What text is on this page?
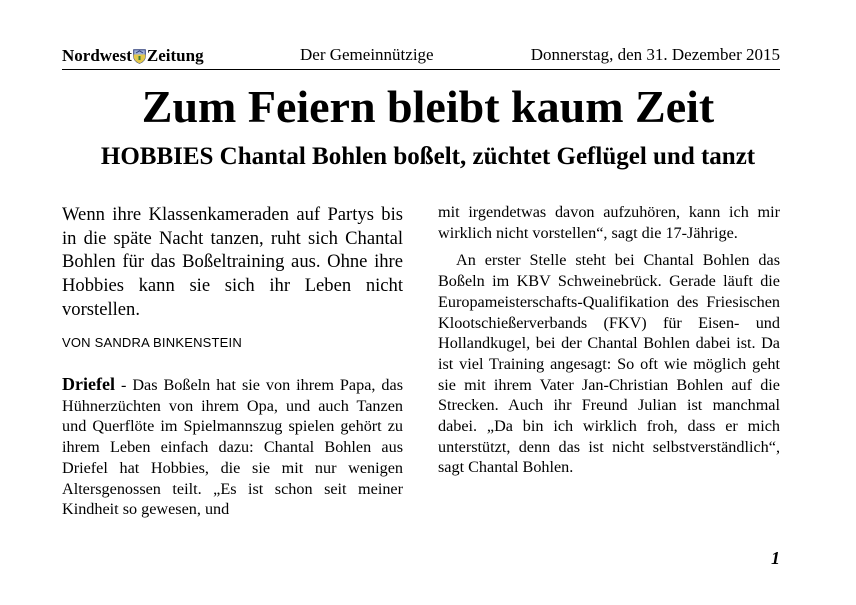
Nordwest Zeitung	Der Gemeinnützige	Donnerstag, den 31. Dezember 2015
Zum Feiern bleibt kaum Zeit
HOBBIES Chantal Bohlen boßelt, züchtet Geflügel und tanzt

Wenn ihre Klassenkameraden auf Partys bis in die späte Nacht tanzen, ruht sich Chantal Bohlen für das Boßeltraining aus. Ohne ihre Hobbies kann sie sich ihr Leben nicht vorstellen.

VON SANDRA BINKENSTEIN

Driefel - Das Boßeln hat sie von ihrem Papa, das Hühnerzüchten von ihrem Opa, und auch Tanzen und Querflöte im Spielmannszug spielen gehört zu ihrem Leben einfach dazu: Chantal Bohlen aus Driefel hat Hobbies, die sie mit nur wenigen Altersgenossen teilt. „Es ist schon seit meiner Kindheit so gewesen, und

mit irgendetwas davon aufzuhören, kann ich mir wirklich nicht vorstellen“, sagt die 17-Jährige.

An erster Stelle steht bei Chantal Bohlen das Boßeln im KBV Schweinebrück. Gerade läuft die Europameisterschafts-Qualifikation des Friesischen Klootschießerverbands (FKV) für Eisen- und Hollandkugel, bei der Chantal Bohlen dabei ist. Da ist viel Training angesagt: So oft wie möglich geht sie mit ihrem Vater Jan-Christian Bohlen auf die Strecken. Auch ihr Freund Julian ist manchmal dabei. „Da bin ich wirklich froh, dass er mich unterstützt, denn das ist nicht selbstverständlich“, sagt Chantal Bohlen.

1
